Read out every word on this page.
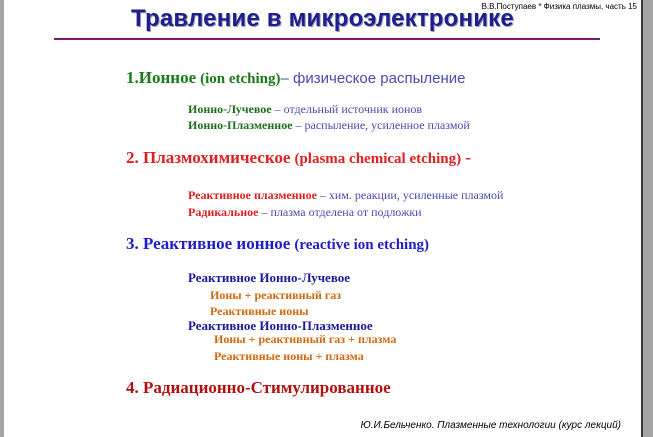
В.В.Поступаев * Физика плазмы, часть 15
Травление в микроэлектронике
1.Ионное (ion etching)– физическое распыление
Ионно-Лучевое – отдельный источник ионов
Ионно-Плазменное – распыление, усиленное плазмой
2. Плазмохимическое (plasma chemical etching) -
Реактивное плазменное – хим. реакции, усиленные плазмой
Радикальное – плазма отделена от подложки
3. Реактивное ионное (reactive ion etching)
Реактивное Ионно-Лучевое
Ионы + реактивный газ
Реактивные ионы
Реактивное Ионно-Плазменное
Ионы + реактивный газ + плазма
Реактивные ионы + плазма
4. Радиационно-Стимулированное
Ю.И.Бельченко. Плазменные технологии (курс лекций)
